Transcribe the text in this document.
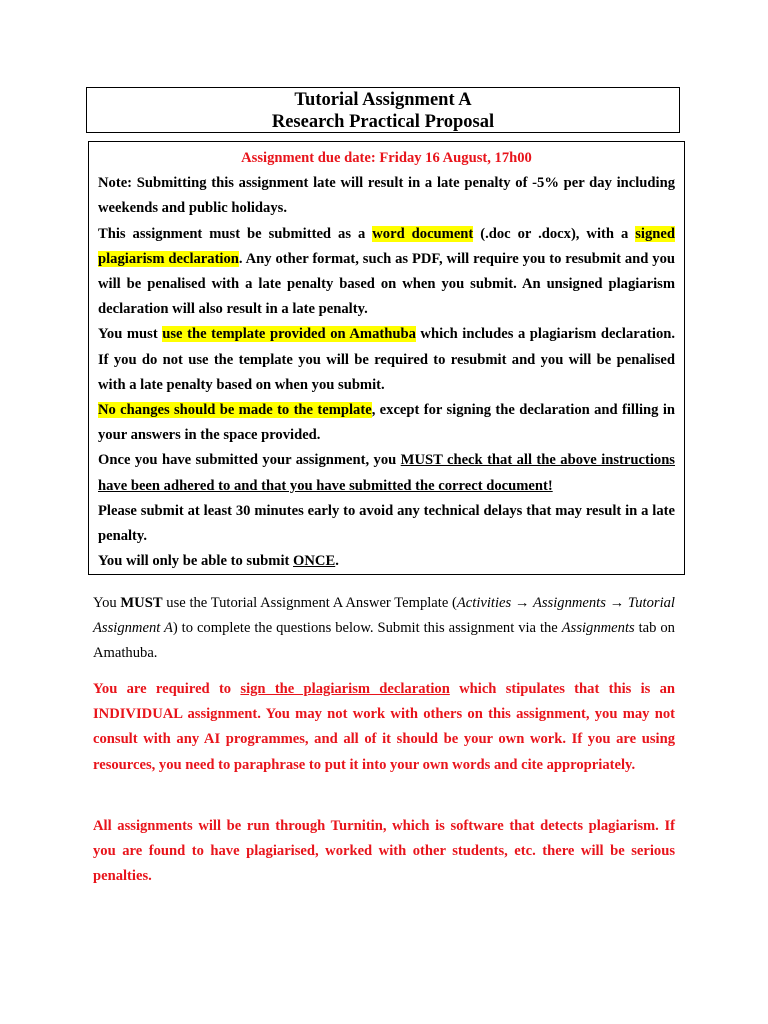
Tutorial Assignment A
Research Practical Proposal

Assignment due date: Friday 16 August, 17h00

Note: Submitting this assignment late will result in a late penalty of -5% per day including weekends and public holidays.

This assignment must be submitted as a word document (.doc or .docx), with a signed plagiarism declaration. Any other format, such as PDF, will require you to resubmit and you will be penalised with a late penalty based on when you submit. An unsigned plagiarism declaration will also result in a late penalty.

You must use the template provided on Amathuba which includes a plagiarism declaration. If you do not use the template you will be required to resubmit and you will be penalised with a late penalty based on when you submit.

No changes should be made to the template, except for signing the declaration and filling in your answers in the space provided.

Once you have submitted your assignment, you MUST check that all the above instructions have been adhered to and that you have submitted the correct document!

Please submit at least 30 minutes early to avoid any technical delays that may result in a late penalty.

You will only be able to submit ONCE.

You MUST use the Tutorial Assignment A Answer Template (Activities → Assignments → Tutorial Assignment A) to complete the questions below. Submit this assignment via the Assignments tab on Amathuba.

You are required to sign the plagiarism declaration which stipulates that this is an INDIVIDUAL assignment. You may not work with others on this assignment, you may not consult with any AI programmes, and all of it should be your own work. If you are using resources, you need to paraphrase to put it into your own words and cite appropriately.

All assignments will be run through Turnitin, which is software that detects plagiarism. If you are found to have plagiarised, worked with other students, etc. there will be serious penalties.
